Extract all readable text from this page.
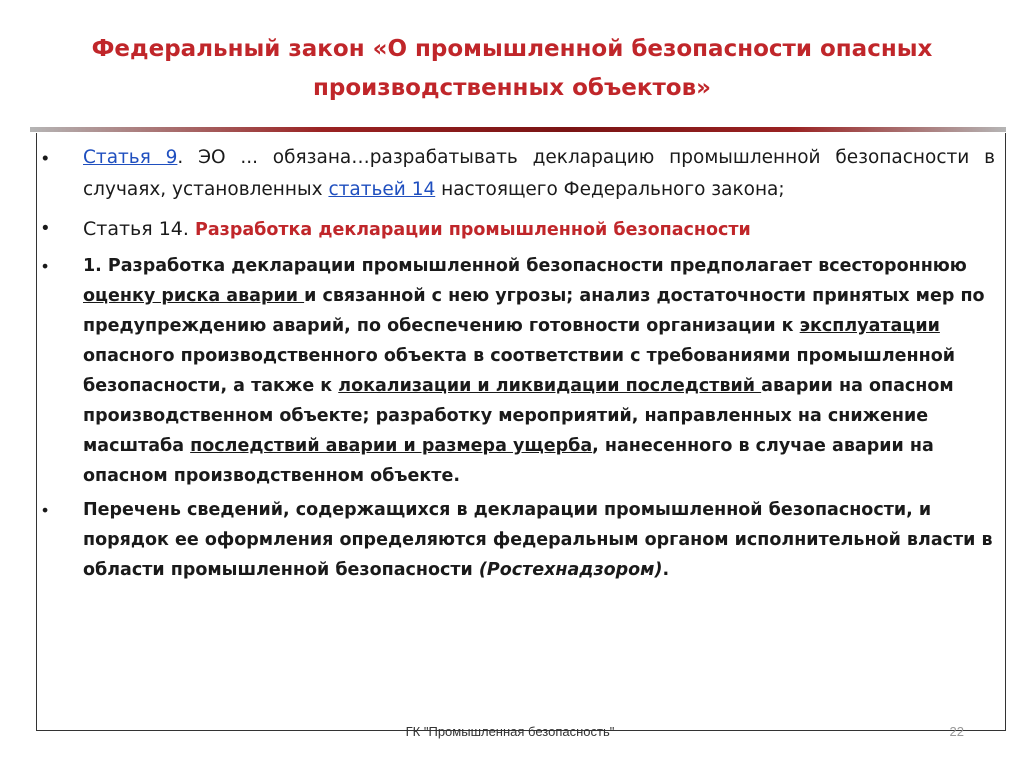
Федеральный закон «О промышленной безопасности опасных производственных объектов»
• Статья 9. ЭО ... обязана…разрабатывать декларацию промышленной безопасности в случаях, установленных статьей 14 настоящего Федерального закона;
• Статья 14. Разработка декларации промышленной безопасности
• 1. Разработка декларации промышленной безопасности предполагает всестороннюю оценку риска аварии и связанной с нею угрозы; анализ достаточности принятых мер по предупреждению аварий, по обеспечению готовности организации к эксплуатации опасного производственного объекта в соответствии с требованиями промышленной безопасности, а также к локализации и ликвидации последствий аварии на опасном производственном объекте; разработку мероприятий, направленных на снижение масштаба последствий аварии и размера ущерба, нанесенного в случае аварии на опасном производственном объекте.
• Перечень сведений, содержащихся в декларации промышленной безопасности, и порядок ее оформления определяются федеральным органом исполнительной власти в области промышленной безопасности (Ростехнадзором).
ГК "Промышленная безопасность"	22
